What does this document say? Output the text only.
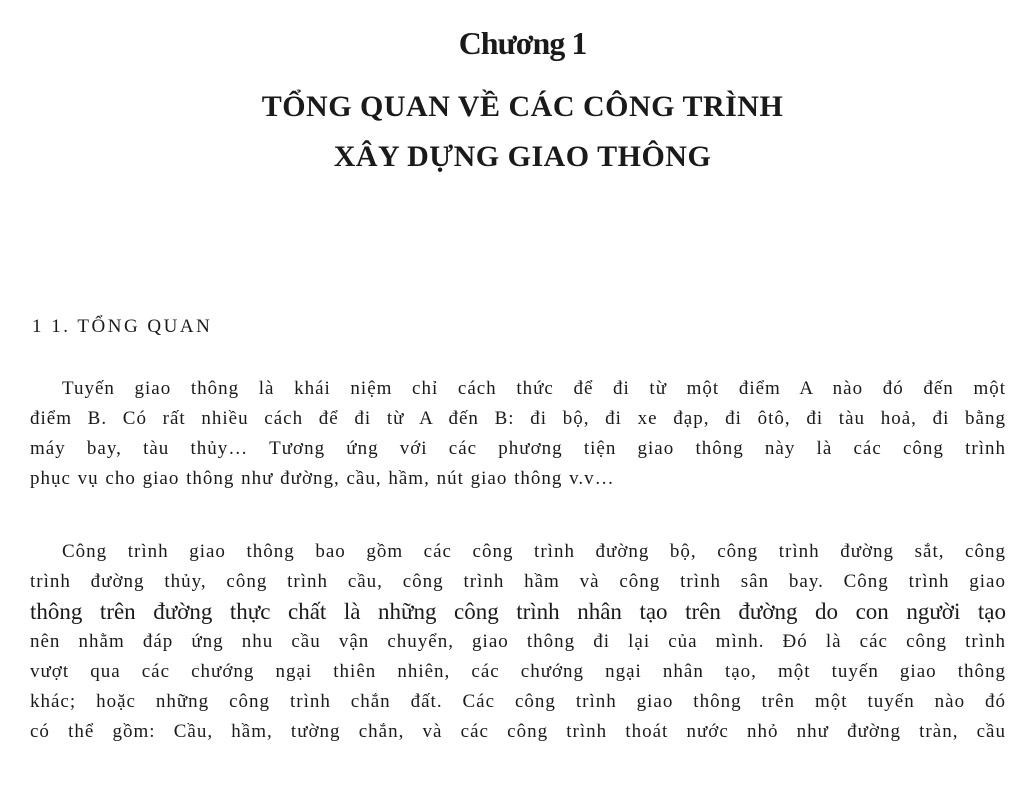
Chương 1
TỔNG QUAN VỀ CÁC CÔNG TRÌNH
XÂY DỰNG GIAO THÔNG
1 1. TỔNG QUAN
Tuyến giao thông là khái niệm chỉ cách thức để đi từ một điểm A nào đó đến một
điểm B. Có rất nhiều cách để đi từ A đến B: đi bộ, đi xe đạp, đi ôtô, đi tàu hoả, đi bằng
máy bay, tàu thủy… Tương ứng với các phương tiện giao thông này là các công trình
phục vụ cho giao thông như đường, cầu, hầm, nút giao thông v.v…
Công trình giao thông bao gồm các công trình đường bộ, công trình đường sắt, công
trình đường thủy, công trình cầu, công trình hầm và công trình sân bay. Công trình giao
thông trên đường thực chất là những công trình nhân tạo trên đường do con người tạo
nên nhằm đáp ứng nhu cầu vận chuyển, giao thông đi lại của mình. Đó là các công trình
vượt qua các chướng ngại thiên nhiên, các chướng ngại nhân tạo, một tuyến giao thông
khác; hoặc những công trình chắn đất. Các công trình giao thông trên một tuyến nào đó
có thể gồm: Cầu, hầm, tường chắn, và các công trình thoát nước nhỏ như đường tràn, cầu
